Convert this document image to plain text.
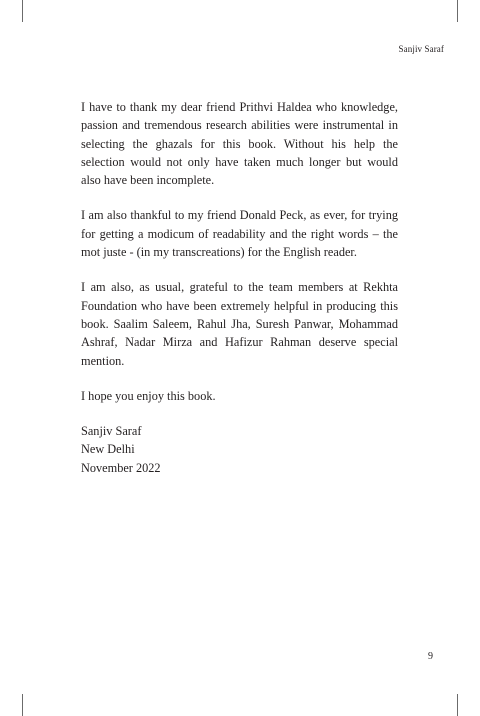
Sanjiv Saraf

I have to thank my dear friend Prithvi Haldea who knowledge, passion and tremendous research abilities were instrumental in selecting the ghazals for this book. Without his help the selection would not only have taken much longer but would also have been incomplete.

I am also thankful to my friend Donald Peck, as ever, for trying for getting a modicum of readability and the right words – the mot juste - (in my transcreations) for the English reader.

I am also, as usual, grateful to the team members at Rekhta Foundation who have been extremely helpful in producing this book. Saalim Saleem, Rahul Jha, Suresh Panwar, Mohammad Ashraf, Nadar Mirza and Hafizur Rahman deserve special mention.

I hope you enjoy this book.

Sanjiv Saraf
New Delhi
November 2022
9
